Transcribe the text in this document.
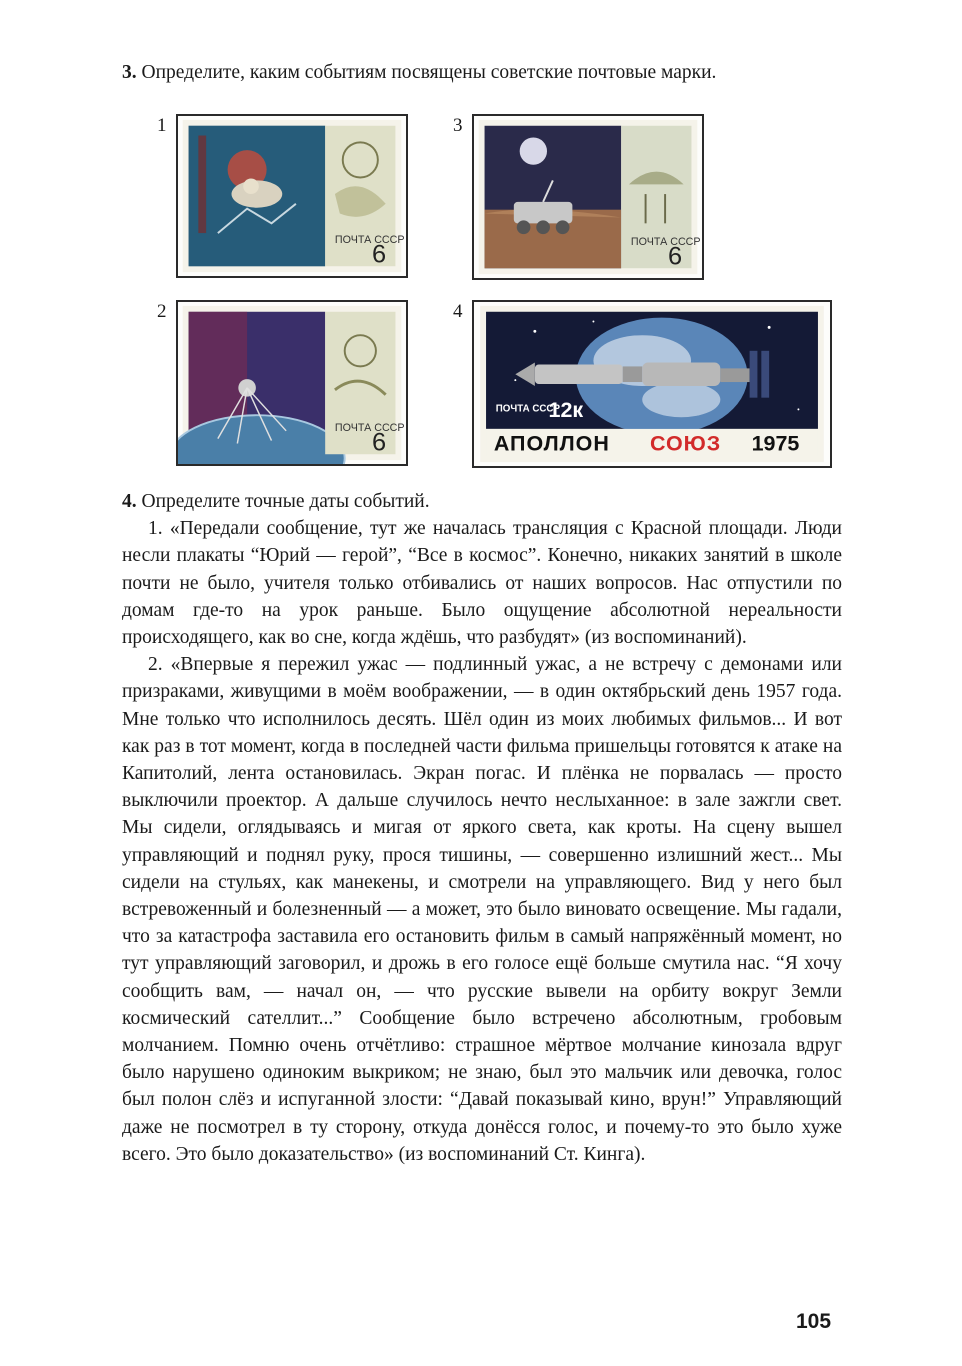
3. Определите, каким событиям посвящены советские почтовые марки.
1
ПОЧТА СССР
6
2
ПОЧТА СССР
6
3
ПОЧТА СССР
6
4
ПОЧТА СССР
12к
АПОЛЛОН СОЮЗ 1975

4. Определите точные даты событий.

1. «Передали сообщение, тут же началась трансляция с Красной площади. Люди несли плакаты “Юрий — герой”, “Все в космос”. Конечно, никаких занятий в школе почти не было, учителя только отбивались от наших вопросов. Нас отпустили по домам где-то на урок раньше. Было ощущение абсолютной нереальности происходящего, как во сне, когда ждёшь, что разбудят» (из воспоминаний).

2. «Впервые я пережил ужас — подлинный ужас, а не встречу с демонами или призраками, живущими в моём воображении, — в один октябрьский день 1957 года. Мне только что исполнилось десять. Шёл один из моих любимых фильмов... И вот как раз в тот момент, когда в последней части фильма пришельцы готовятся к атаке на Капитолий, лента остановилась. Экран погас. И плёнка не порвалась — просто выключили проектор. А дальше случилось нечто неслыханное: в зале зажгли свет. Мы сидели, оглядываясь и мигая от яркого света, как кроты. На сцену вышел управляющий и поднял руку, прося тишины, — совершенно излишний жест... Мы сидели на стульях, как манекены, и смотрели на управляющего. Вид у него был встревоженный и болезненный — а может, это было виновато освещение. Мы гадали, что за катастрофа заставила его остановить фильм в самый напряжённый момент, но тут управляющий заговорил, и дрожь в его голосе ещё больше смутила нас. “Я хочу сообщить вам, — начал он, — что русские вывели на орбиту вокруг Земли космический сателлит...” Сообщение было встречено абсолютным, гробовым молчанием. Помню очень отчётливо: страшное мёртвое молчание кинозала вдруг было нарушено одиноким выкриком; не знаю, был это мальчик или девочка, голос был полон слёз и испуганной злости: “Давай показывай кино, врун!” Управляющий даже не посмотрел в ту сторону, откуда донёсся голос, и почему-то это было хуже всего. Это было доказательство» (из воспоминаний Ст. Кинга).

105
